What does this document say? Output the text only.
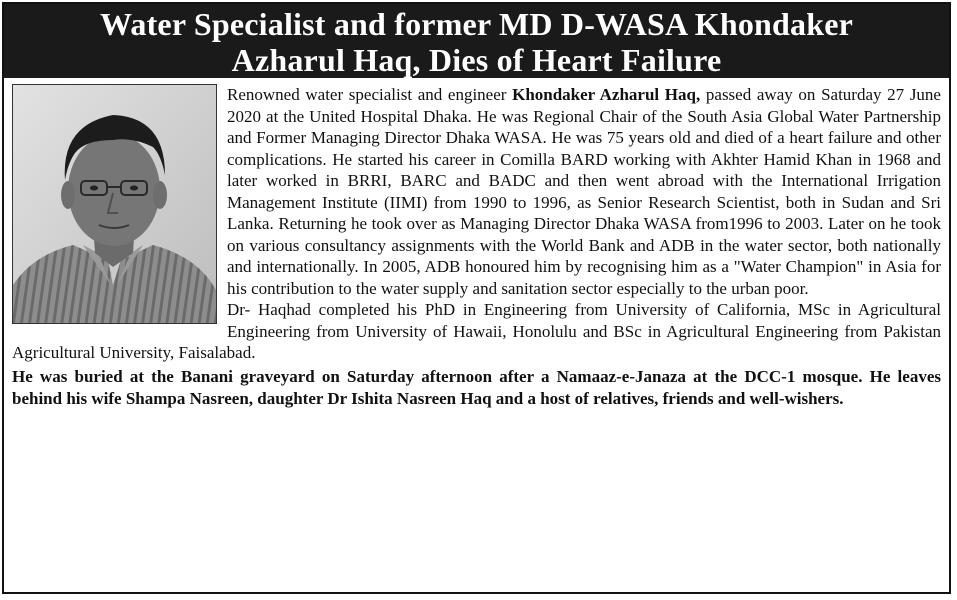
Water Specialist and former MD D-WASA Khondaker
Azharul Haq, Dies of Heart Failure

Renowned water specialist and engineer Khondaker Azharul Haq, passed away on Saturday 27 June 2020 at the United Hospital Dhaka. He was Regional Chair of the South Asia Global Water Partnership and Former Managing Director Dhaka WASA. He was 75 years old and died of a heart failure and other complications. He started his career in Comilla BARD working with Akhter Hamid Khan in 1968 and later worked in BRRI, BARC and BADC and then went abroad with the International Irrigation Management Institute (IIMI) from 1990 to 1996, as Senior Research Scientist, both in Sudan and Sri Lanka. Returning he took over as Managing Director Dhaka WASA from1996 to 2003. Later on he took on various consultancy assignments with the World Bank and ADB in the water sector, both nationally and internationally. In 2005, ADB honoured him by recognising him as a "Water Champion" in Asia for his contribution to the water supply and sanitation sector especially to the urban poor.

Dr- Haqhad completed his PhD in Engineering from University of California, MSc in Agricultural Engineering from University of Hawaii, Honolulu and BSc in Agricultural Engineering from Pakistan Agricultural University, Faisalabad.

He was buried at the Banani graveyard on Saturday afternoon after a Namaaz-e-Janaza at the DCC-1 mosque. He leaves behind his wife Shampa Nasreen, daughter Dr Ishita Nasreen Haq and a host of relatives, friends and well-wishers.
